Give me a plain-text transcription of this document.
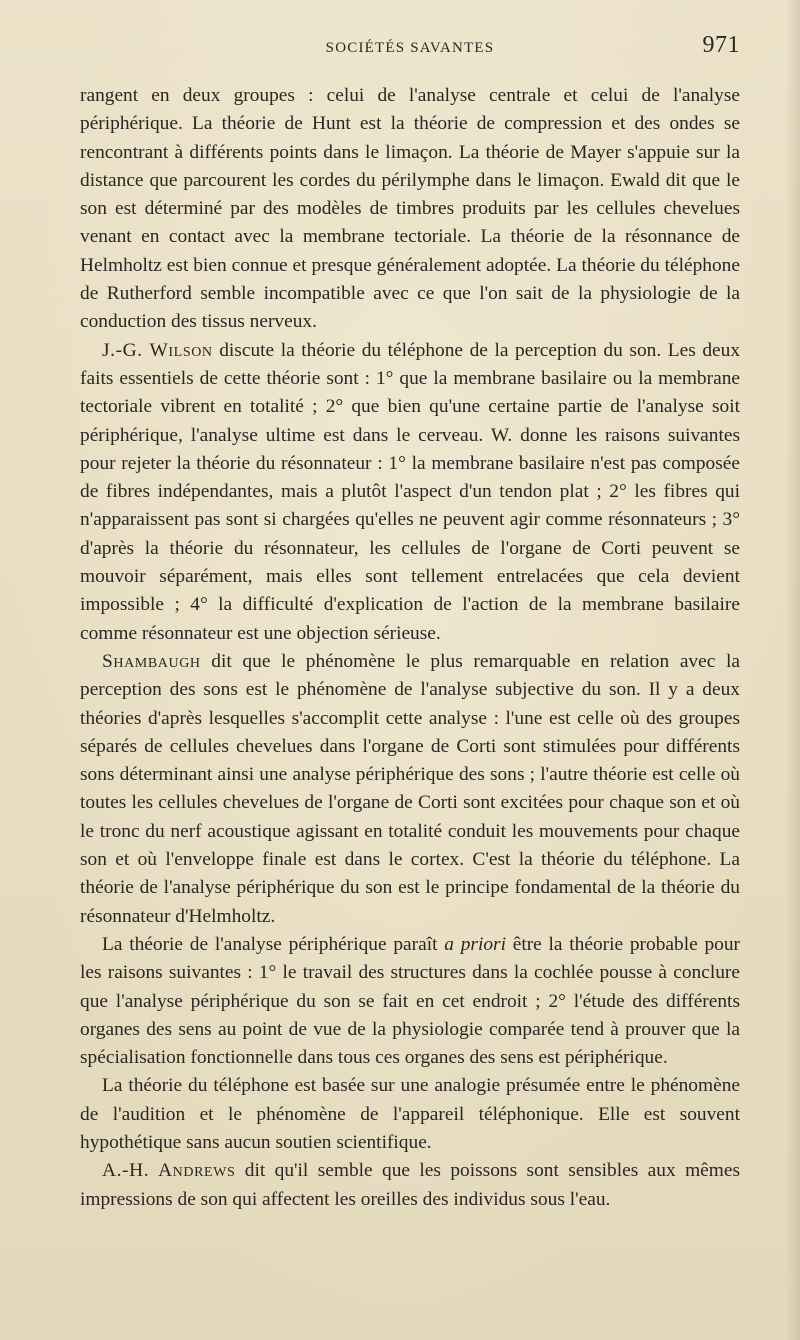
SOCIÉTÉS SAVANTES	971

rangent en deux groupes : celui de l'analyse centrale et celui de l'analyse périphérique. La théorie de Hunt est la théorie de compression et des ondes se rencontrant à différents points dans le limaçon. La théorie de Mayer s'appuie sur la distance que parcourent les cordes du périlymphe dans le limaçon. Ewald dit que le son est déterminé par des modèles de timbres produits par les cellules chevelues venant en contact avec la membrane tectoriale. La théorie de la résonnance de Helmholtz est bien connue et presque généralement adoptée. La théorie du téléphone de Rutherford semble incompatible avec ce que l'on sait de la physiologie de la conduction des tissus nerveux.

J.-G. Wilson discute la théorie du téléphone de la perception du son. Les deux faits essentiels de cette théorie sont : 1° que la membrane basilaire ou la membrane tectoriale vibrent en totalité ; 2° que bien qu'une certaine partie de l'analyse soit périphérique, l'analyse ultime est dans le cerveau. W. donne les raisons suivantes pour rejeter la théorie du résonnateur : 1° la membrane basilaire n'est pas composée de fibres indépendantes, mais a plutôt l'aspect d'un tendon plat ; 2° les fibres qui n'apparaissent pas sont si chargées qu'elles ne peuvent agir comme résonnateurs ; 3° d'après la théorie du résonnateur, les cellules de l'organe de Corti peuvent se mouvoir séparément, mais elles sont tellement entrelacées que cela devient impossible ; 4° la difficulté d'explication de l'action de la membrane basilaire comme résonnateur est une objection sérieuse.

Shambaugh dit que le phénomène le plus remarquable en relation avec la perception des sons est le phénomène de l'analyse subjective du son. Il y a deux théories d'après lesquelles s'accomplit cette analyse : l'une est celle où des groupes séparés de cellules chevelues dans l'organe de Corti sont stimulées pour différents sons déterminant ainsi une analyse périphérique des sons ; l'autre théorie est celle où toutes les cellules chevelues de l'organe de Corti sont excitées pour chaque son et où le tronc du nerf acoustique agissant en totalité conduit les mouvements pour chaque son et où l'enveloppe finale est dans le cortex. C'est la théorie du téléphone. La théorie de l'analyse périphérique du son est le principe fondamental de la théorie du résonnateur d'Helmholtz.

La théorie de l'analyse périphérique paraît a priori être la théorie probable pour les raisons suivantes : 1° le travail des structures dans la cochlée pousse à conclure que l'analyse périphérique du son se fait en cet endroit ; 2° l'étude des différents organes des sens au point de vue de la physiologie comparée tend à prouver que la spécialisation fonctionnelle dans tous ces organes des sens est périphérique.

La théorie du téléphone est basée sur une analogie présumée entre le phénomène de l'audition et le phénomène de l'appareil téléphonique. Elle est souvent hypothétique sans aucun soutien scientifique.

A.-H. Andrews dit qu'il semble que les poissons sont sensibles aux mêmes impressions de son qui affectent les oreilles des individus sous l'eau.
